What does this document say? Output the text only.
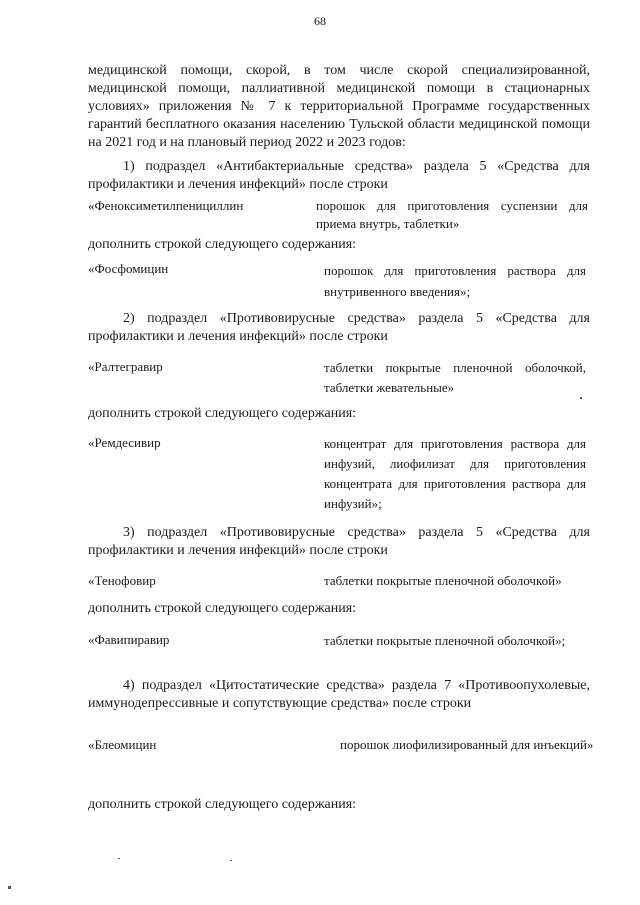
68

медицинской помощи, скорой, в том числе скорой специализированной, медицинской помощи, паллиативной медицинской помощи в стационарных условиях» приложения № 7 к территориальной Программе государственных гарантий бесплатного оказания населению Тульской области медицинской помощи на 2021 год и на плановый период 2022 и 2023 годов:

1) подраздел «Антибактериальные средства» раздела 5 «Средства для профилактики и лечения инфекций» после строки

«Феноксиметилпенициллин	порошок для приготовления суспензии для приема внутрь, таблетки»

дополнить строкой следующего содержания:

«Фосфомицин	порошок для приготовления раствора для внутривенного введения»;

2) подраздел «Противовирусные средства» раздела 5 «Средства для профилактики и лечения инфекций» после строки

«Ралтегравир	таблетки покрытые пленочной оболочкой, таблетки жевательные»

дополнить строкой следующего содержания:

«Ремдесивир	концентрат для приготовления раствора для инфузий, лиофилизат для приготовления концентрата для приготовления раствора для инфузий»;

3) подраздел «Противовирусные средства» раздела 5 «Средства для профилактики и лечения инфекций» после строки

«Тенофовир	таблетки покрытые пленочной оболочкой»

дополнить строкой следующего содержания:

«Фавипиравир	таблетки покрытые пленочной оболочкой»;

4) подраздел «Цитостатические средства» раздела 7 «Противоопухолевые, иммунодепрессивные и сопутствующие средства» после строки

«Блеомицин	порошок лиофилизированный для инъекций»

дополнить строкой следующего содержания:
